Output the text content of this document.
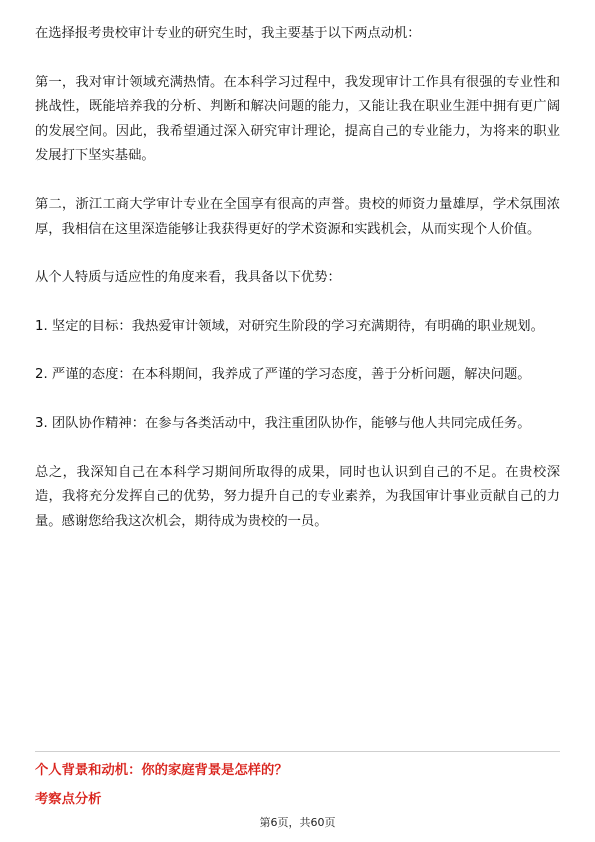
在选择报考贵校审计专业的研究生时，我主要基于以下两点动机：

第一，我对审计领域充满热情。在本科学习过程中，我发现审计工作具有很强的专业性和挑战性，既能培养我的分析、判断和解决问题的能力，又能让我在职业生涯中拥有更广阔的发展空间。因此，我希望通过深入研究审计理论，提高自己的专业能力，为将来的职业发展打下坚实基础。

第二，浙江工商大学审计专业在全国享有很高的声誉。贵校的师资力量雄厚，学术氛围浓厚，我相信在这里深造能够让我获得更好的学术资源和实践机会，从而实现个人价值。

从个人特质与适应性的角度来看，我具备以下优势：

1. 坚定的目标：我热爱审计领域，对研究生阶段的学习充满期待，有明确的职业规划。

2. 严谨的态度：在本科期间，我养成了严谨的学习态度，善于分析问题，解决问题。

3. 团队协作精神：在参与各类活动中，我注重团队协作，能够与他人共同完成任务。

总之，我深知自己在本科学习期间所取得的成果，同时也认识到自己的不足。在贵校深造，我将充分发挥自己的优势，努力提升自己的专业素养，为我国审计事业贡献自己的力量。感谢您给我这次机会，期待成为贵校的一员。

个人背景和动机：你的家庭背景是怎样的？
考察点分析
第6页，共60页
